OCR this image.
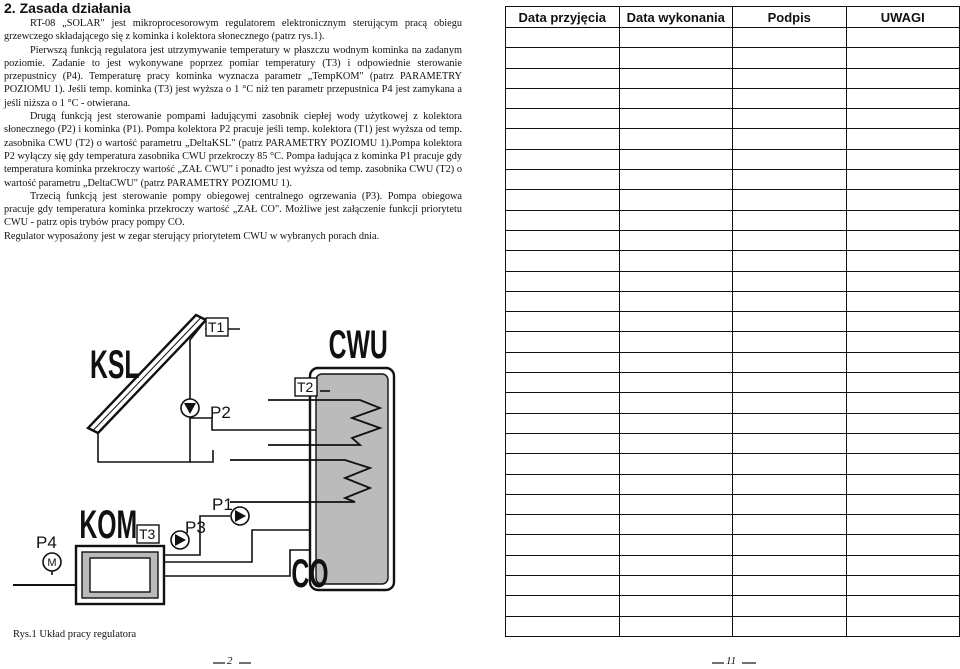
2. Zasada działania

RT-08 „SOLAR" jest mikroprocesorowym regulatorem elektronicznym sterującym pracą obiegu grzewczego składającego się z kominka i kolektora słonecznego (patrz rys.1).

Pierwszą funkcją regulatora jest utrzymywanie temperatury w płaszczu wodnym kominka na zadanym poziomie. Zadanie to jest wykonywane poprzez pomiar temperatury (T3) i odpowiednie sterowanie przepustnicy (P4). Temperaturę pracy kominka wyznacza parametr „TempKOM" (patrz PARAMETRY POZIOMU 1). Jeśli temp. kominka (T3) jest wyższa o 1 °C niż ten parametr przepustnica P4 jest zamykana a jeśli niższa o 1 °C - otwierana.

Drugą funkcją jest sterowanie pompami ładującymi zasobnik ciepłej wody użytkowej z kolektora słonecznego (P2) i kominka (P1). Pompa kolektora P2 pracuje jeśli temp. kolektora (T1) jest wyższa od temp. zasobnika CWU (T2) o wartość parametru „DeltaKSL" (patrz PARAMETRY POZIOMU 1).Pompa kolektora P2 wyłączy się gdy temperatura zasobnika CWU przekroczy 85 °C. Pompa ładująca z kominka P1 pracuje gdy temperatura kominka przekroczy wartość „ZAŁ CWU" i ponadto jest wyższa od temp. zasobnika CWU (T2) o wartość parametru „DeltaCWU" (patrz PARAMETRY POZIOMU 1).

Trzecią funkcją jest sterowanie pompy obiegowej centralnego ogrzewania (P3). Pompa obiegowa pracuje gdy temperatura kominka przekroczy wartość „ZAŁ CO". Możliwe jest załączenie funkcji priorytetu CWU - patrz opis trybów pracy pompy CO.

Regulator wyposażony jest w zegar sterujący priorytetem CWU w wybranych porach dnia.

M
T1
T2
T3
P2
P1
P3
P4
KSL	CWU
KOM
CO
Rys.1 Układ pracy regulatora
2
Data przyjęcia	Data wykonania	Podpis	UWAGI

11
